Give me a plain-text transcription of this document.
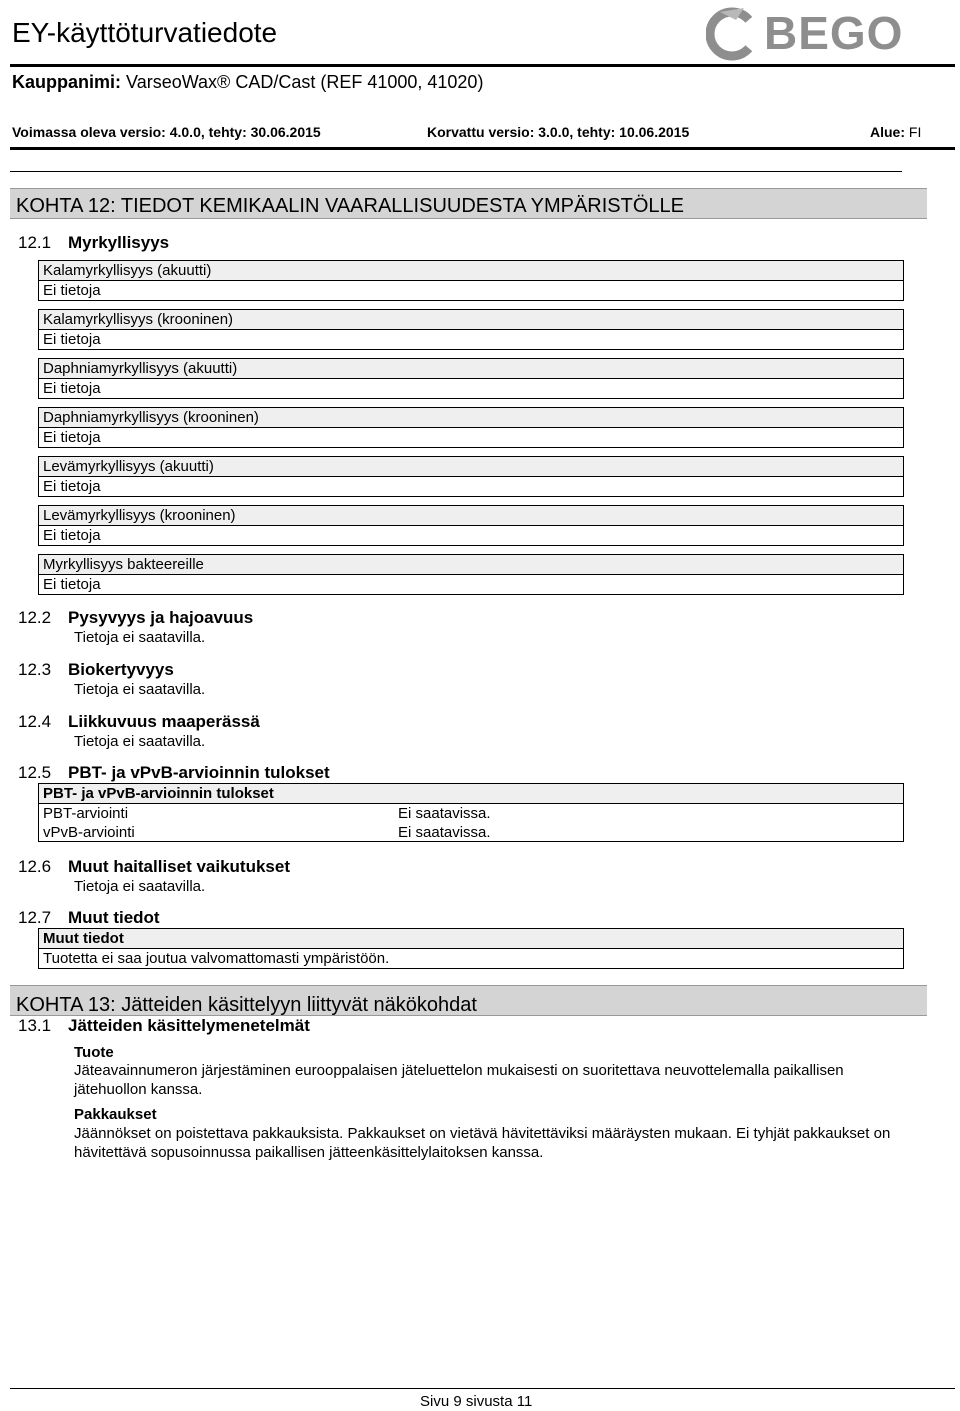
EY-käyttöturvatiedote	BEGO
Kauppanimi: VarseoWax® CAD/Cast (REF 41000, 41020)
Voimassa oleva versio: 4.0.0, tehty: 30.06.2015	Korvattu versio: 3.0.0, tehty: 10.06.2015	Alue: FI
KOHTA 12: TIEDOT KEMIKAALIN VAARALLISUUDESTA YMPÄRISTÖLLE
12.1 Myrkyllisyys
Kalamyrkyllisyys (akuutti)
Ei tietoja
Kalamyrkyllisyys (krooninen)
Ei tietoja
Daphniamyrkyllisyys (akuutti)
Ei tietoja
Daphniamyrkyllisyys (krooninen)
Ei tietoja
Levämyrkyllisyys (akuutti)
Ei tietoja
Levämyrkyllisyys (krooninen)
Ei tietoja
Myrkyllisyys bakteereille
Ei tietoja
12.2 Pysyvyys ja hajoavuus
Tietoja ei saatavilla.
12.3 Biokertyvyys
Tietoja ei saatavilla.
12.4 Liikkuvuus maaperässä
Tietoja ei saatavilla.
12.5 PBT- ja vPvB-arvioinnin tulokset
PBT- ja vPvB-arvioinnin tulokset
PBT-arviointi	Ei saatavissa.
vPvB-arviointi	Ei saatavissa.
12.6 Muut haitalliset vaikutukset
Tietoja ei saatavilla.
12.7 Muut tiedot
Muut tiedot
Tuotetta ei saa joutua valvomattomasti ympäristöön.
KOHTA 13: Jätteiden käsittelyyn liittyvät näkökohdat
13.1 Jätteiden käsittelymenetelmät
Tuote
Jäteavainnumeron järjestäminen eurooppalaisen jäteluettelon mukaisesti on suoritettava neuvottelemalla paikallisen jätehuollon kanssa.
Pakkaukset
Jäännökset on poistettava pakkauksista. Pakkaukset on vietävä hävitettäviksi määräysten mukaan. Ei tyhjät pakkaukset on hävitettävä sopusoinnussa paikallisen jätteenkäsittelylaitoksen kanssa.
Sivu 9 sivusta 11
